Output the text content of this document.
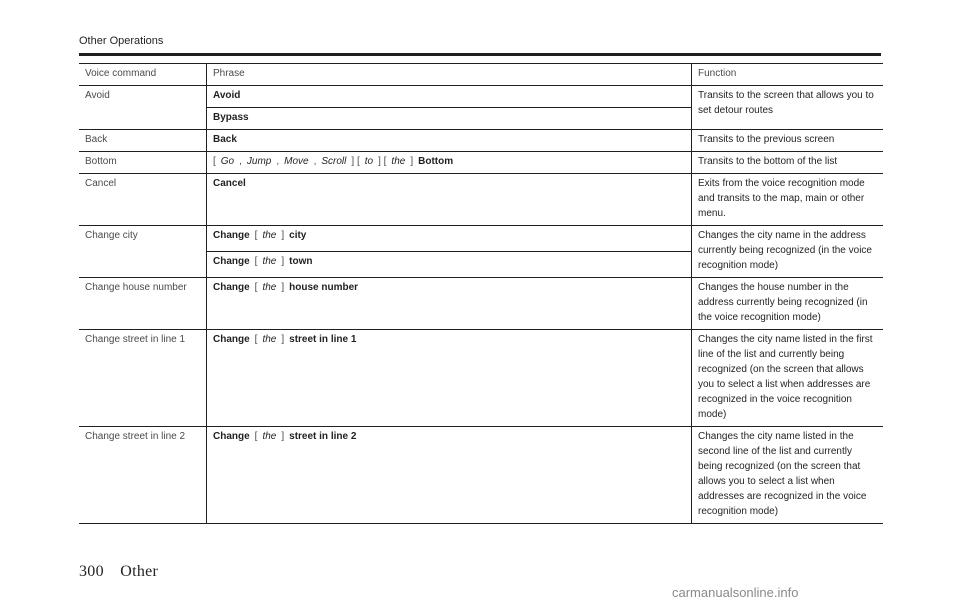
Other Operations
Voice command	Phrase	Function
Avoid	Avoid	Transits to the screen that allows you to set detour routes
	Bypass	
Back	Back	Transits to the previous screen
Bottom	[  Go  ,  Jump  ,  Move  ,  Scroll  ] [  to  ] [  the  ]  Bottom	Transits to the bottom of the list
Cancel	Cancel	Exits from the voice recognition mode and transits to the map, main or other menu.
Change city	Change  [  the  ]  city	Changes the city name in the address currently being recognized (in the voice recognition mode)
	Change  [  the  ]  town	
Change house number	Change  [  the  ]  house number	Changes the house number in the address currently being recognized (in the voice recognition mode)
Change street in line 1	Change  [  the  ]  street in line 1	Changes the city name listed in the first line of the list and currently being recognized (on the screen that allows you to select a list when addresses are recognized in the voice recognition mode)
Change street in line 2	Change  [  the  ]  street in line 2	Changes the city name listed in the second line of the list and currently being recognized (on the screen that allows you to select a list when addresses are recognized in the voice recognition mode)
300 Other
carmanualsonline.info
